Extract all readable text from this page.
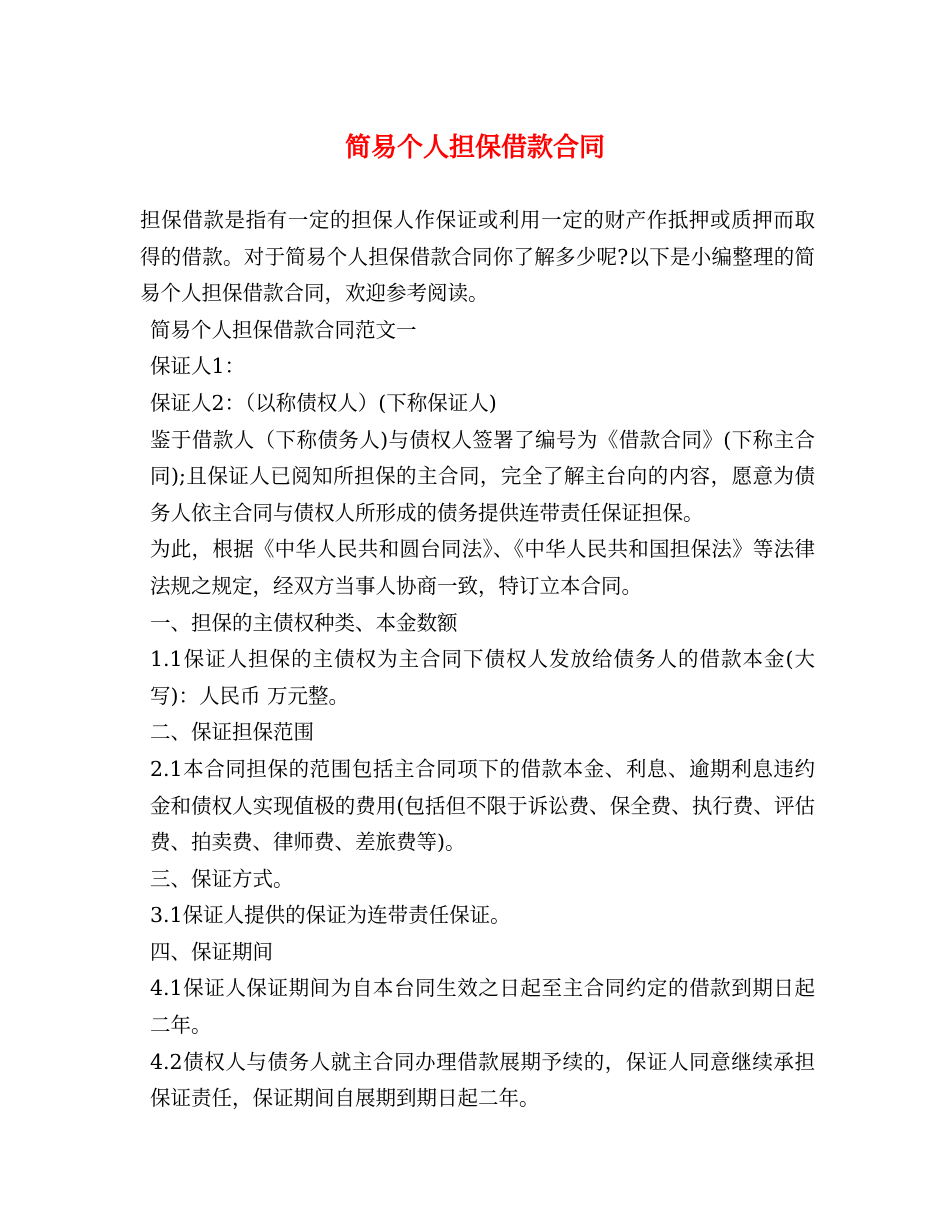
简易个人担保借款合同

担保借款是指有一定的担保人作保证或利用一定的财产作抵押或质押而取得的借款。对于简易个人担保借款合同你了解多少呢?以下是小编整理的简易个人担保借款合同，欢迎参考阅读。

简易个人担保借款合同范文一

保证人1：

保证人2：（以称债权人）(下称保证人)

鉴于借款人（下称债务人)与债权人签署了编号为《借款合同》(下称主合同);且保证人已阅知所担保的主合同，完全了解主台向的内容，愿意为债务人依主合同与债权人所形成的债务提供连带责任保证担保。

为此，根据《中华人民共和圆台同法》、《中华人民共和国担保法》等法律法规之规定，经双方当事人协商一致，特订立本合同。

一、担保的主债权种类、本金数额

1.1保证人担保的主债权为主合同下债权人发放给债务人的借款本金(大写)：人民币 万元整。

二、保证担保范围

2.1本合同担保的范围包括主合同项下的借款本金、利息、逾期利息违约金和债权人实现值极的费用(包括但不限于诉讼费、保全费、执行费、评估费、拍卖费、律师费、差旅费等)。

三、保证方式。

3.1保证人提供的保证为连带责任保证。

四、保证期间

4.1保证人保证期间为自本台同生效之日起至主合同约定的借款到期日起二年。

4.2债权人与债务人就主合同办理借款展期予续的，保证人同意继续承担保证责任，保证期间自展期到期日起二年。
